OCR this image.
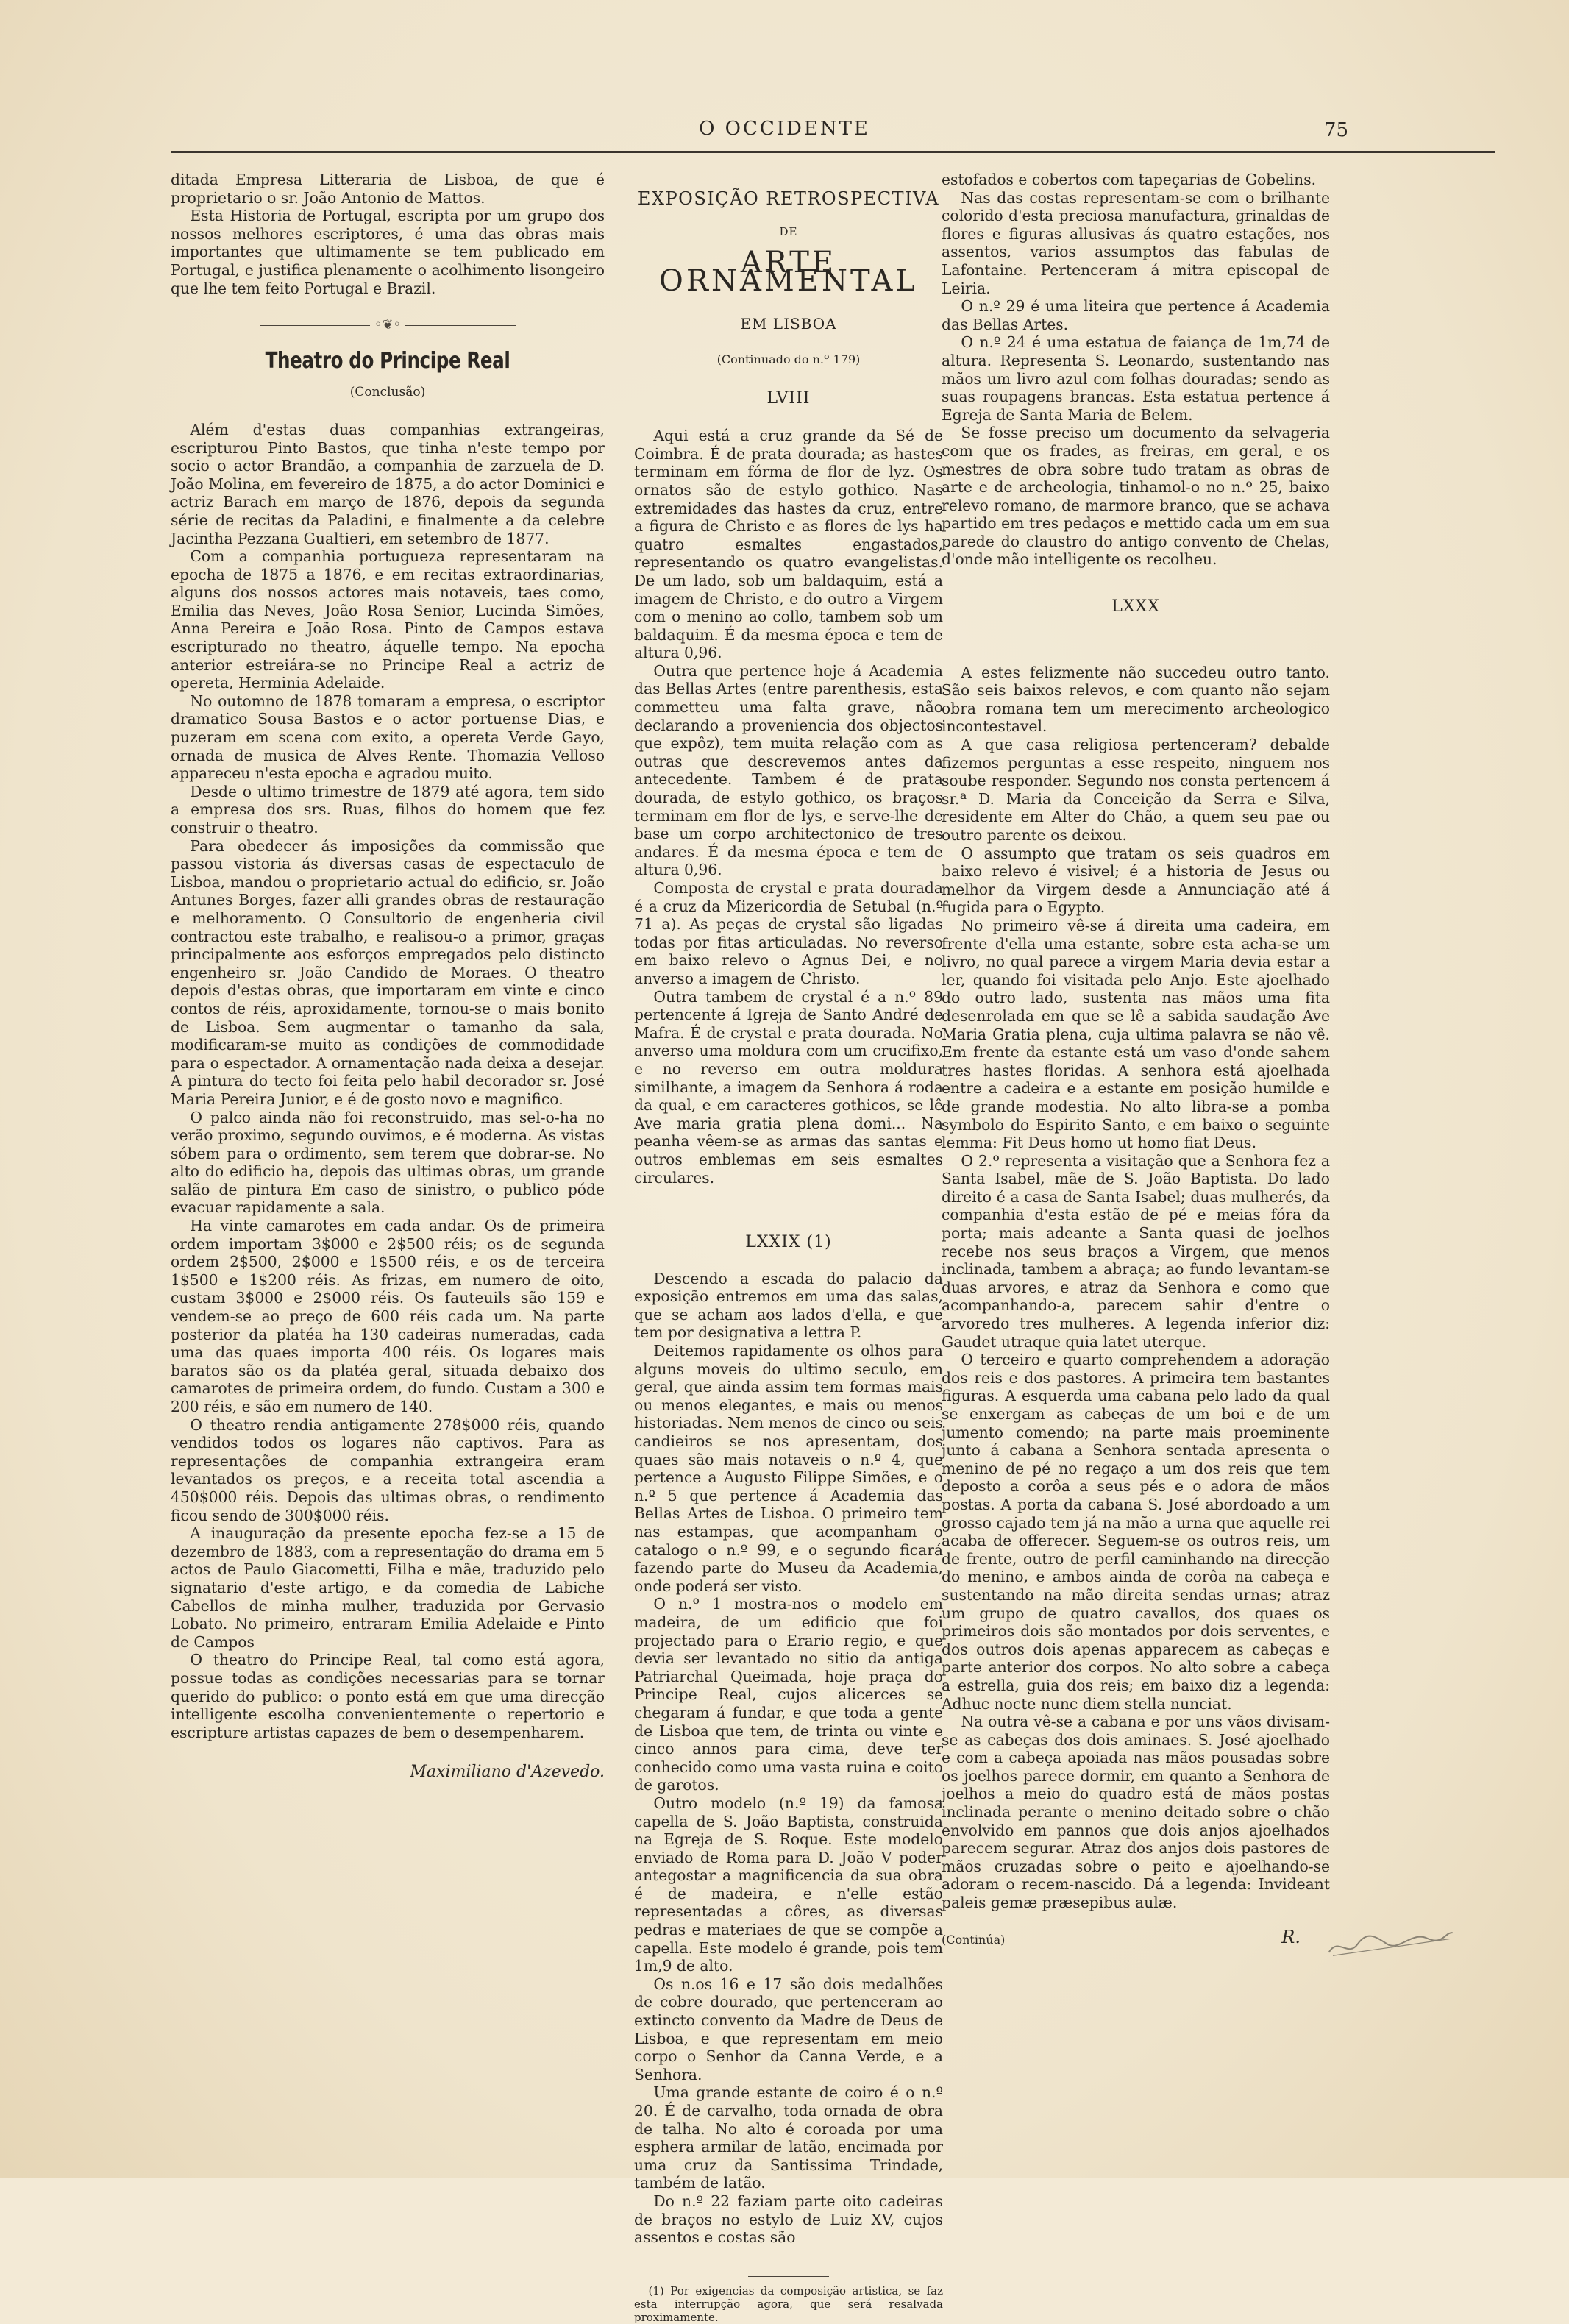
O OCCIDENTE	75

ditada Empresa Litteraria de Lisboa, de que é proprietario o sr. João Antonio de Mattos.

Esta Historia de Portugal, escripta por um grupo dos nossos melhores escriptores, é uma das obras mais importantes que ultimamente se tem publicado em Portugal, e justifica plenamente o acolhimento lisongeiro que lhe tem feito Portugal e Brazil.

◦❦◦
Theatro do Principe Real
(Conclusão)

Além d'estas duas companhias extrangeiras, escripturou Pinto Bastos, que tinha n'este tempo por socio o actor Brandão, a companhia de zarzuela de D. João Molina, em fevereiro de 1875, a do actor Dominici e actriz Barach em março de 1876, depois da segunda série de recitas da Paladini, e finalmente a da celebre Jacintha Pezzana Gualtieri, em setembro de 1877.

Com a companhia portugueza representaram na epocha de 1875 a 1876, e em recitas extraordinarias, alguns dos nossos actores mais notaveis, taes como, Emilia das Neves, João Rosa Senior, Lucinda Simões, Anna Pereira e João Rosa. Pinto de Campos estava escripturado no theatro, áquelle tempo. Na epocha anterior estreiára-se no Principe Real a actriz de opereta, Herminia Adelaide.

No outomno de 1878 tomaram a empresa, o escriptor dramatico Sousa Bastos e o actor portuense Dias, e puzeram em scena com exito, a opereta Verde Gayo, ornada de musica de Alves Rente. Thomazia Velloso appareceu n'esta epocha e agradou muito.

Desde o ultimo trimestre de 1879 até agora, tem sido a empresa dos srs. Ruas, filhos do homem que fez construir o theatro.

Para obedecer ás imposições da commissão que passou vistoria ás diversas casas de espectaculo de Lisboa, mandou o proprietario actual do edificio, sr. João Antunes Borges, fazer alli grandes obras de restauração e melhoramento. O Consultorio de engenheria civil contractou este trabalho, e realisou-o a primor, graças principalmente aos esforços empregados pelo distincto engenheiro sr. João Candido de Moraes. O theatro depois d'estas obras, que importaram em vinte e cinco contos de réis, aproxidamente, tornou-se o mais bonito de Lisboa. Sem augmentar o tamanho da sala, modificaram-se muito as condições de commodidade para o espectador. A ornamentação nada deixa a desejar. A pintura do tecto foi feita pelo habil decorador sr. José Maria Pereira Junior, e é de gosto novo e magnifico.

O palco ainda não foi reconstruido, mas sel-o-ha no verão proximo, segundo ouvimos, e é moderna. As vistas sóbem para o ordimento, sem terem que dobrar-se. No alto do edificio ha, depois das ultimas obras, um grande salão de pintura Em caso de sinistro, o publico póde evacuar rapidamente a sala.

Ha vinte camarotes em cada andar. Os de primeira ordem importam 3$000 e 2$500 réis; os de segunda ordem 2$500, 2$000 e 1$500 réis, e os de terceira 1$500 e 1$200 réis. As frizas, em numero de oito, custam 3$000 e 2$000 réis. Os fauteuils são 159 e vendem-se ao preço de 600 réis cada um. Na parte posterior da platéa ha 130 cadeiras numeradas, cada uma das quaes importa 400 réis. Os logares mais baratos são os da platéa geral, situada debaixo dos camarotes de primeira ordem, do fundo. Custam a 300 e 200 réis, e são em numero de 140.

O theatro rendia antigamente 278$000 réis, quando vendidos todos os logares não captivos. Para as representações de companhia extrangeira eram levantados os preços, e a receita total ascendia a 450$000 réis. Depois das ultimas obras, o rendimento ficou sendo de 300$000 réis.

A inauguração da presente epocha fez-se a 15 de dezembro de 1883, com a representação do drama em 5 actos de Paulo Giacometti, Filha e mãe, traduzido pelo signatario d'este artigo, e da comedia de Labiche Cabellos de minha mulher, traduzida por Gervasio Lobato. No primeiro, entraram Emilia Adelaide e Pinto de Campos

O theatro do Principe Real, tal como está agora, possue todas as condições necessarias para se tornar querido do publico: o ponto está em que uma direcção intelligente escolha convenientemente o repertorio e escripture artistas capazes de bem o desempenharem.

Maximiliano d'Azevedo.
EXPOSIÇÃO RETROSPECTIVA
DE
ARTE ORNAMENTAL
EM LISBOA
(Continuado do n.º 179)
LVIII

Aqui está a cruz grande da Sé de Coimbra. É de prata dourada; as hastes terminam em fórma de flor de lyz. Os ornatos são de estylo gothico. Nas extremidades das hastes da cruz, entre a figura de Christo e as flores de lys ha quatro esmaltes engastados, representando os quatro evangelistas. De um lado, sob um baldaquim, está a imagem de Christo, e do outro a Virgem com o menino ao collo, tambem sob um baldaquim. É da mesma época e tem de altura 0,96.

Outra que pertence hoje á Academia das Bellas Artes (entre parenthesis, esta commetteu uma falta grave, não declarando a proveniencia dos objectos que expôz), tem muita relação com as outras que descrevemos antes da antecedente. Tambem é de prata dourada, de estylo gothico, os braços terminam em flor de lys, e serve-lhe de base um corpo architectonico de tres andares. É da mesma época e tem de altura 0,96.

Composta de crystal e prata dourada é a cruz da Mizericordia de Setubal (n.º 71 a). As peças de crystal são ligadas todas por fitas articuladas. No reverso em baixo relevo o Agnus Dei, e no anverso a imagem de Christo.

Outra tambem de crystal é a n.º 89 pertencente á Igreja de Santo André de Mafra. É de crystal e prata dourada. No anverso uma moldura com um crucifixo, e no reverso em outra moldura similhante, a imagem da Senhora á roda da qual, e em caracteres gothicos, se lê Ave maria gratia plena domi... Na peanha vêem-se as armas das santas e outros emblemas em seis esmaltes circulares.

LXXIX (1)

Descendo a escada do palacio da exposição entremos em uma das salas, que se acham aos lados d'ella, e que tem por designativa a lettra P.

Deitemos rapidamente os olhos para alguns moveis do ultimo seculo, em geral, que ainda assim tem formas mais ou menos elegantes, e mais ou menos historiadas. Nem menos de cinco ou seis candieiros se nos apresentam, dos quaes são mais notaveis o n.º 4, que pertence a Augusto Filippe Simões, e o n.º 5 que pertence á Academia das Bellas Artes de Lisboa. O primeiro tem nas estampas, que acompanham o catalogo o n.º 99, e o segundo ficará fazendo parte do Museu da Academia, onde poderá ser visto.

O n.º 1 mostra-nos o modelo em madeira, de um edificio que foi projectado para o Erario regio, e que devia ser levantado no sitio da antiga Patriarchal Queimada, hoje praça do Principe Real, cujos alicerces se chegaram á fundar, e que toda a gente de Lisboa que tem, de trinta ou vinte e cinco annos para cima, deve ter conhecido como uma vasta ruina e coito de garotos.

Outro modelo (n.º 19) da famosa capella de S. João Baptista, construida na Egreja de S. Roque. Este modelo enviado de Roma para D. João V poder antegostar a magnificencia da sua obra é de madeira, e n'elle estão representadas a côres, as diversas pedras e materiaes de que se compõe a capella. Este modelo é grande, pois tem 1m,9 de alto.

Os n.os 16 e 17 são dois medalhões de cobre dourado, que pertenceram ao extincto convento da Madre de Deus de Lisboa, e que representam em meio corpo o Senhor da Canna Verde, e a Senhora.

Uma grande estante de coiro é o n.º 20. É de carvalho, toda ornada de obra de talha. No alto é coroada por uma esphera armilar de latão, encimada por uma cruz da Santissima Trindade, também de latão.

Do n.º 22 faziam parte oito cadeiras de braços no estylo de Luiz XV, cujos assentos e costas são

(1) Por exigencias da composição artistica, se faz esta interrupção agora, que será resalvada proximamente.

estofados e cobertos com tapeçarias de Gobelins.

Nas das costas representam-se com o brilhante colorido d'esta preciosa manufactura, grinaldas de flores e figuras allusivas ás quatro estações, nos assentos, varios assumptos das fabulas de Lafontaine. Pertenceram á mitra episcopal de Leiria.

O n.º 29 é uma liteira que pertence á Academia das Bellas Artes.

O n.º 24 é uma estatua de faiança de 1m,74 de altura. Representa S. Leonardo, sustentando nas mãos um livro azul com folhas douradas; sendo as suas roupagens brancas. Esta estatua pertence á Egreja de Santa Maria de Belem.

Se fosse preciso um documento da selvageria com que os frades, as freiras, em geral, e os mestres de obra sobre tudo tratam as obras de arte e de archeologia, tinhamol-o no n.º 25, baixo relevo romano, de marmore branco, que se achava partido em tres pedaços e mettido cada um em sua parede do claustro do antigo convento de Chelas, d'onde mão intelligente os recolheu.

LXXX

A estes felizmente não succedeu outro tanto. São seis baixos relevos, e com quanto não sejam obra romana tem um merecimento archeologico incontestavel.

A que casa religiosa pertenceram? debalde fizemos perguntas a esse respeito, ninguem nos soube responder. Segundo nos consta pertencem á sr.ª D. Maria da Conceição da Serra e Silva, residente em Alter do Chão, a quem seu pae ou outro parente os deixou.

O assumpto que tratam os seis quadros em baixo relevo é visivel; é a historia de Jesus ou melhor da Virgem desde a Annunciação até á fugida para o Egypto.

No primeiro vê-se á direita uma cadeira, em frente d'ella uma estante, sobre esta acha-se um livro, no qual parece a virgem Maria devia estar a ler, quando foi visitada pelo Anjo. Este ajoelhado do outro lado, sustenta nas mãos uma fita desenrolada em que se lê a sabida saudação Ave Maria Gratia plena, cuja ultima palavra se não vê. Em frente da estante está um vaso d'onde sahem tres hastes floridas. A senhora está ajoelhada entre a cadeira e a estante em posição humilde e de grande modestia. No alto libra-se a pomba symbolo do Espirito Santo, e em baixo o seguinte lemma: Fit Deus homo ut homo fiat Deus.

O 2.º representa a visitação que a Senhora fez a Santa Isabel, mãe de S. João Baptista. Do lado direito é a casa de Santa Isabel; duas mulherés, da companhia d'esta estão de pé e meias fóra da porta; mais adeante a Santa quasi de joelhos recebe nos seus braços a Virgem, que menos inclinada, tambem a abraça; ao fundo levantam-se duas arvores, e atraz da Senhora e como que acompanhando-a, parecem sahir d'entre o arvoredo tres mulheres. A legenda inferior diz: Gaudet utraque quia latet uterque.

O terceiro e quarto comprehendem a adoração dos reis e dos pastores. A primeira tem bastantes figuras. A esquerda uma cabana pelo lado da qual se enxergam as cabeças de um boi e de um jumento comendo; na parte mais proeminente junto á cabana a Senhora sentada apresenta o menino de pé no regaço a um dos reis que tem deposto a corôa a seus pés e o adora de mãos postas. A porta da cabana S. José abordoado a um grosso cajado tem já na mão a urna que aquelle rei acaba de offerecer. Seguem-se os outros reis, um de frente, outro de perfil caminhando na direcção do menino, e ambos ainda de corôa na cabeça e sustentando na mão direita sendas urnas; atraz um grupo de quatro cavallos, dos quaes os primeiros dois são montados por dois serventes, e dos outros dois apenas apparecem as cabeças e parte anterior dos corpos. No alto sobre a cabeça a estrella, guia dos reis; em baixo diz a legenda: Adhuc nocte nunc diem stella nunciat.

Na outra vê-se a cabana e por uns vãos divisam-se as cabeças dos dois aminaes. S. José ajoelhado e com a cabeça apoiada nas mãos pousadas sobre os joelhos parece dormir, em quanto a Senhora de joelhos a meio do quadro está de mãos postas inclinada perante o menino deitado sobre o chão envolvido em pannos que dois anjos ajoelhados parecem segurar. Atraz dos anjos dois pastores de mãos cruzadas sobre o peito e ajoelhando-se adoram o recem-nascido. Dá a legenda: Invideant paleis gemæ præsepibus aulæ.

(Continúa)	R.
